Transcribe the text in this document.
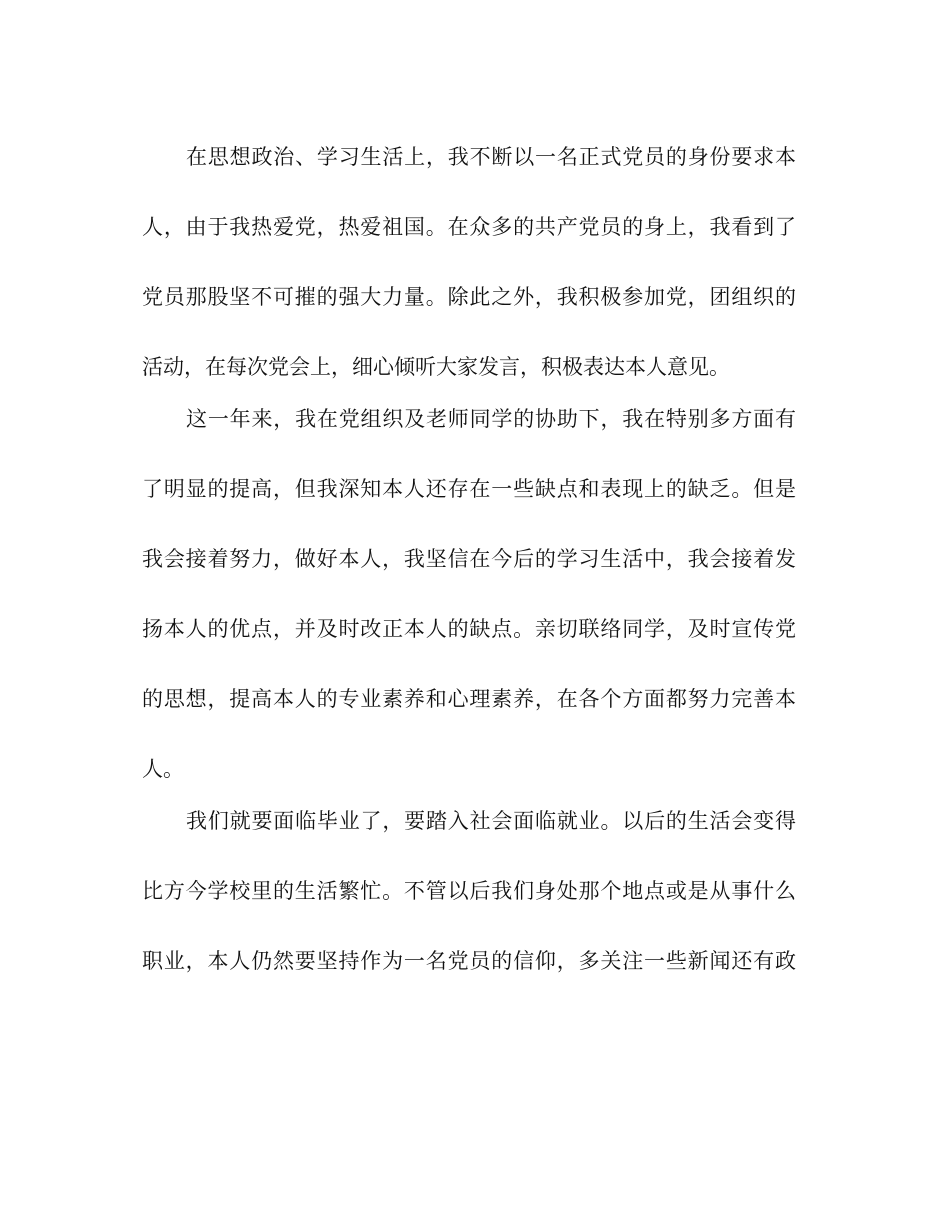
在思想政治、学习生活上，我不断以一名正式党员的身份要求本
人，由于我热爱党，热爱祖国。在众多的共产党员的身上，我看到了
党员那股坚不可摧的强大力量。除此之外，我积极参加党，团组织的
活动，在每次党会上，细心倾听大家发言，积极表达本人意见。
这一年来，我在党组织及老师同学的协助下，我在特别多方面有
了明显的提高，但我深知本人还存在一些缺点和表现上的缺乏。但是
我会接着努力，做好本人，我坚信在今后的学习生活中，我会接着发
扬本人的优点，并及时改正本人的缺点。亲切联络同学，及时宣传党
的思想，提高本人的专业素养和心理素养，在各个方面都努力完善本
人。
我们就要面临毕业了，要踏入社会面临就业。以后的生活会变得
比方今学校里的生活繁忙。不管以后我们身处那个地点或是从事什么
职业，本人仍然要坚持作为一名党员的信仰，多关注一些新闻还有政
